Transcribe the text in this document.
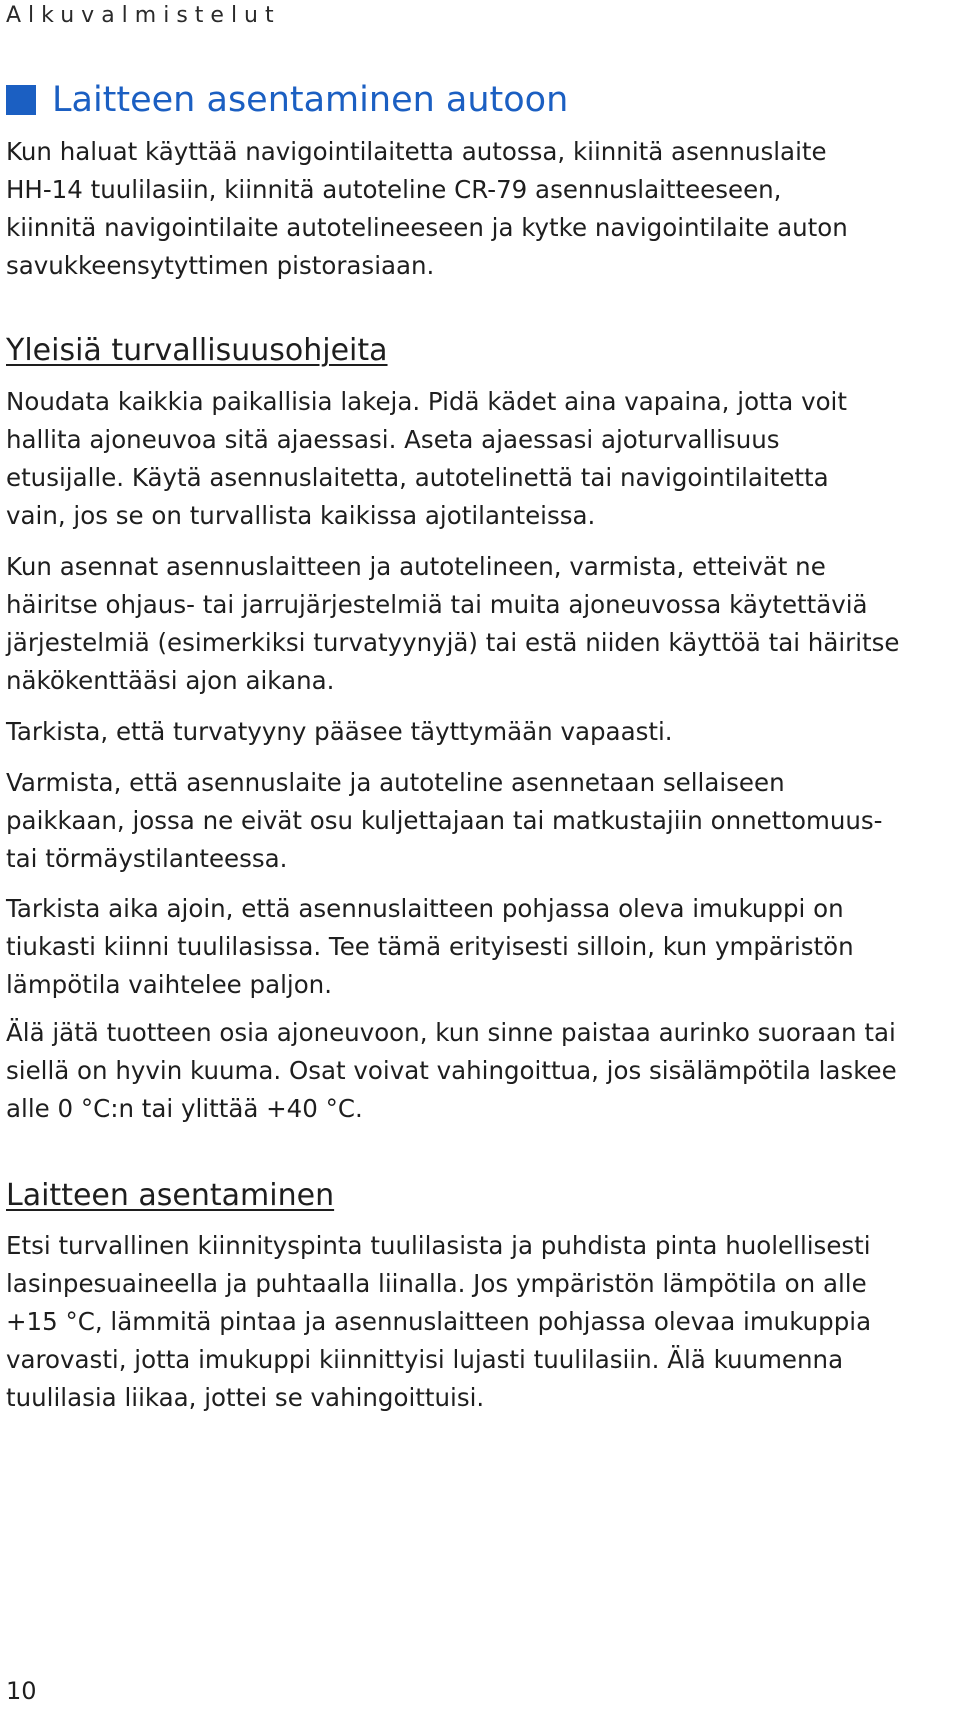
Alkuvalmistelut

Laitteen asentaminen autoon

Kun haluat käyttää navigointilaitetta autossa, kiinnitä asennuslaite
HH-14 tuulilasiin, kiinnitä autoteline CR-79 asennuslaitteeseen,
kiinnitä navigointilaite autotelineeseen ja kytke navigointilaite auton
savukkeensytyttimen pistorasiaan.

Yleisiä turvallisuusohjeita

Noudata kaikkia paikallisia lakeja. Pidä kädet aina vapaina, jotta voit
hallita ajoneuvoa sitä ajaessasi. Aseta ajaessasi ajoturvallisuus
etusijalle. Käytä asennuslaitetta, autotelinettä tai navigointilaitetta
vain, jos se on turvallista kaikissa ajotilanteissa.

Kun asennat asennuslaitteen ja autotelineen, varmista, etteivät ne
häiritse ohjaus- tai jarrujärjestelmiä tai muita ajoneuvossa käytettäviä
järjestelmiä (esimerkiksi turvatyynyjä) tai estä niiden käyttöä tai häiritse
näkökenttääsi ajon aikana.

Tarkista, että turvatyyny pääsee täyttymään vapaasti.

Varmista, että asennuslaite ja autoteline asennetaan sellaiseen
paikkaan, jossa ne eivät osu kuljettajaan tai matkustajiin onnettomuus-
tai törmäystilanteessa.

Tarkista aika ajoin, että asennuslaitteen pohjassa oleva imukuppi on
tiukasti kiinni tuulilasissa. Tee tämä erityisesti silloin, kun ympäristön
lämpötila vaihtelee paljon.

Älä jätä tuotteen osia ajoneuvoon, kun sinne paistaa aurinko suoraan tai
siellä on hyvin kuuma. Osat voivat vahingoittua, jos sisälämpötila laskee
alle 0 °C:n tai ylittää +40 °C.

Laitteen asentaminen

Etsi turvallinen kiinnityspinta tuulilasista ja puhdista pinta huolellisesti
lasinpesuaineella ja puhtaalla liinalla. Jos ympäristön lämpötila on alle
+15 °C, lämmitä pintaa ja asennuslaitteen pohjassa olevaa imukuppia
varovasti, jotta imukuppi kiinnittyisi lujasti tuulilasiin. Älä kuumenna
tuulilasia liikaa, jottei se vahingoittuisi.

10
